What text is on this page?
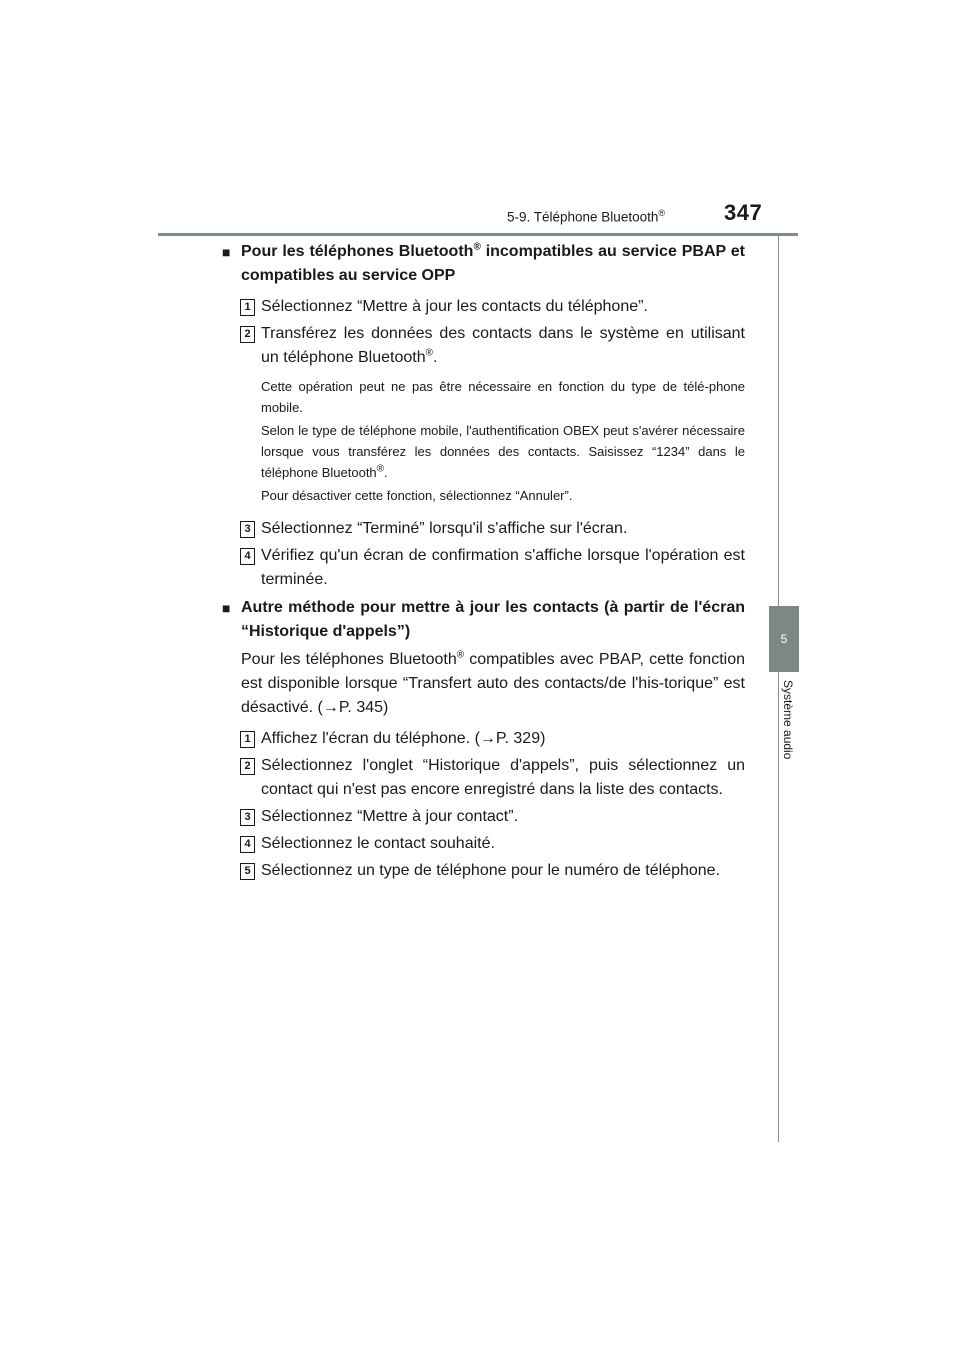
5-9. Téléphone Bluetooth®	347
5
Système audio
■ Pour les téléphones Bluetooth® incompatibles au service PBAP et compatibles au service OPP
1 Sélectionnez “Mettre à jour les contacts du téléphone”.
2 Transférez les données des contacts dans le système en utilisant un téléphone Bluetooth®.
Cette opération peut ne pas être nécessaire en fonction du type de télé-phone mobile.
Selon le type de téléphone mobile, l'authentification OBEX peut s'avérer nécessaire lorsque vous transférez les données des contacts. Saisissez “1234” dans le téléphone Bluetooth®.
Pour désactiver cette fonction, sélectionnez “Annuler”.
3 Sélectionnez “Terminé” lorsqu'il s'affiche sur l'écran.
4 Vérifiez qu'un écran de confirmation s'affiche lorsque l'opération est terminée.
■ Autre méthode pour mettre à jour les contacts (à partir de l'écran “Historique d'appels”)
Pour les téléphones Bluetooth® compatibles avec PBAP, cette fonction est disponible lorsque “Transfert auto des contacts/de l'his-torique” est désactivé. (→P. 345)
1 Affichez l'écran du téléphone. (→P. 329)
2 Sélectionnez l'onglet “Historique d'appels”, puis sélectionnez un contact qui n'est pas encore enregistré dans la liste des contacts.
3 Sélectionnez “Mettre à jour contact”.
4 Sélectionnez le contact souhaité.
5 Sélectionnez un type de téléphone pour le numéro de téléphone.
